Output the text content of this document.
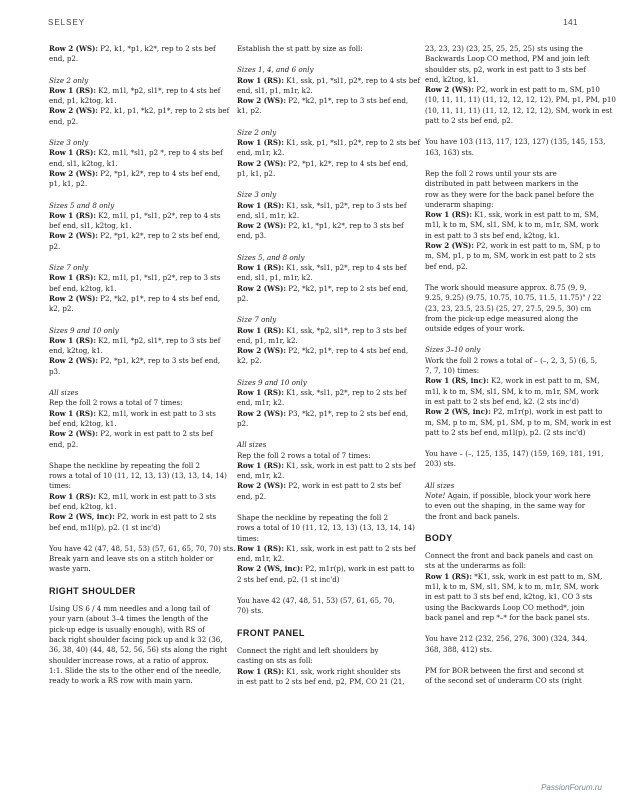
SELSEY	141
Row 2 (WS): P2, k1, *p1, k2*, rep to 2 sts bef
end, p2.
Size 2 only
Row 1 (RS): K2, m1l, *p2, sl1*, rep to 4 sts bef
end, p1, k2tog, k1.
Row 2 (WS): P2, k1, p1, *k2, p1*, rep to 2 sts bef
end, p2.
Size 3 only
Row 1 (RS): K2, m1l, *sl1, p2 *, rep to 4 sts bef
end, sl1, k2tog, k1.
Row 2 (WS): P2, *p1, k2*, rep to 4 sts bef end,
p1, k1, p2.
Sizes 5 and 8 only
Row 1 (RS): K2, m1l, p1, *sl1, p2*, rep to 4 sts
bef end, sl1, k2tog, k1.
Row 2 (WS): P2, *p1, k2*, rep to 2 sts bef end,
p2.
Size 7 only
Row 1 (RS): K2, m1l, p1, *sl1, p2*, rep to 3 sts
bef end, k2tog, k1.
Row 2 (WS): P2, *k2, p1*, rep to 4 sts bef end,
k2, p2.
Sizes 9 and 10 only
Row 1 (RS): K2, m1l, *p2, sl1*, rep to 3 sts bef
end, k2tog, k1.
Row 2 (WS): P2, *p1, k2*, rep to 3 sts bef end,
p3.
All sizes
Rep the foll 2 rows a total of 7 times:
Row 1 (RS): K2, m1l, work in est patt to 3 sts
bef end, k2tog, k1.
Row 2 (WS): P2, work in est patt to 2 sts bef
end, p2.
Shape the neckline by repeating the foll 2
rows a total of 10 (11, 12, 13, 13) (13, 13, 14, 14)
times:
Row 1 (RS): K2, m1l, work in est patt to 3 sts
bef end, k2tog, k1.
Row 2 (WS, inc): P2, work in est patt to 2 sts
bef end, m1l(p), p2. (1 st inc'd)
You have 42 (47, 48, 51, 53) (57, 61, 65, 70, 70) sts.
Break yarn and leave sts on a stitch holder or
waste yarn.
RIGHT SHOULDER
Using US 6 / 4 mm needles and a long tail of
your yarn (about 3–4 times the length of the
pick-up edge is usually enough), with RS of
back right shoulder facing pick up and k 32 (36,
36, 38, 40) (44, 48, 52, 56, 56) sts along the right
shoulder increase rows, at a ratio of approx.
1:1. Slide the sts to the other end of the needle,
ready to work a RS row with main yarn.
Establish the st patt by size as foll:
Sizes 1, 4, and 6 only
Row 1 (RS): K1, ssk, p1, *sl1, p2*, rep to 4 sts bef
end, sl1, p1, m1r, k2.
Row 2 (WS): P2, *k2, p1*, rep to 3 sts bef end,
k1, p2.
Size 2 only
Row 1 (RS): K1, ssk, p1, *sl1, p2*, rep to 2 sts bef
end, m1r, k2.
Row 2 (WS): P2, *p1, k2*, rep to 4 sts bef end,
p1, k1, p2.
Size 3 only
Row 1 (RS): K1, ssk, *sl1, p2*, rep to 3 sts bef
end, sl1, m1r, k2.
Row 2 (WS): P2, k1, *p1, k2*, rep to 3 sts bef
end, p3.
Sizes 5, and 8 only
Row 1 (RS): K1, ssk, *sl1, p2*, rep to 4 sts bef
end, sl1, p1, m1r, k2.
Row 2 (WS): P2, *k2, p1*, rep to 2 sts bef end,
p2.
Size 7 only
Row 1 (RS): K1, ssk, *p2, sl1*, rep to 3 sts bef
end, p1, m1r, k2.
Row 2 (WS): P2, *k2, p1*, rep to 4 sts bef end,
k2, p2.
Sizes 9 and 10 only
Row 1 (RS): K1, ssk, *sl1, p2*, rep to 2 sts bef
end, m1r, k2.
Row 2 (WS): P3, *k2, p1*, rep to 2 sts bef end,
p2.
All sizes
Rep the foll 2 rows a total of 7 times:
Row 1 (RS): K1, ssk, work in est patt to 2 sts bef
end, m1r, k2.
Row 2 (WS): P2, work in est patt to 2 sts bef
end, p2.
Shape the neckline by repeating the foll 2
rows a total of 10 (11, 12, 13, 13) (13, 13, 14, 14)
times:
Row 1 (RS): K1, ssk, work in est patt to 2 sts bef
end, m1r, k2.
Row 2 (WS, inc): P2, m1r(p), work in est patt to
2 sts bef end, p2. (1 st inc'd)
You have 42 (47, 48, 51, 53) (57, 61, 65, 70,
70) sts.
FRONT PANEL
Connect the right and left shoulders by
casting on sts as foll:
Row 1 (RS): K1, ssk, work right shoulder sts
in est patt to 2 sts bef end, p2, PM, CO 21 (21,
23, 23, 23) (23, 25, 25, 25, 25) sts using the
Backwards Loop CO method, PM and join left
shoulder sts, p2, work in est patt to 3 sts bef
end, k2tog, k1.
Row 2 (WS): P2, work in est patt to m, SM, p10
(10, 11, 11, 11) (11, 12, 12, 12, 12), PM, p1, PM, p10
(10, 11, 11, 11) (11, 12, 12, 12, 12), SM, work in est
patt to 2 sts bef end, p2.
You have 103 (113, 117, 123, 127) (135, 145, 153,
163, 163) sts.
Rep the foll 2 rows until your sts are
distributed in patt between markers in the
row as they were for the back panel before the
underarm shaping:
Row 1 (RS): K1, ssk, work in est patt to m, SM,
m1l, k to m, SM, sl1, SM, k to m, m1r, SM, work
in est patt to 3 sts bef end, k2tog, k1.
Row 2 (WS): P2, work in est patt to m, SM, p to
m, SM, p1, p to m, SM, work in est patt to 2 sts
bef end, p2.
The work should measure approx. 8.75 (9, 9,
9.25, 9.25) (9.75, 10.75, 10.75, 11.5, 11.75)" / 22
(23, 23, 23.5, 23.5) (25, 27, 27.5, 29.5, 30) cm
from the pick-up edge measured along the
outside edges of your work.
Sizes 3–10 only
Work the foll 2 rows a total of – (–, 2, 3, 5) (6, 5,
7, 7, 10) times:
Row 1 (RS, inc): K2, work in est patt to m, SM,
m1l, k to m, SM, sl1, SM, k to m, m1r, SM, work
in est patt to 2 sts bef end, k2. (2 sts inc'd)
Row 2 (WS, inc): P2, m1r(p), work in est patt to
m, SM, p to m, SM, p1, SM, p to m, SM, work in est
patt to 2 sts bef end, m1l(p), p2. (2 sts inc'd)
You have – (–, 125, 135, 147) (159, 169, 181, 191,
203) sts.
All sizes
Note! Again, if possible, block your work here
to even out the shaping, in the same way for
the front and back panels.
BODY
Connect the front and back panels and cast on
sts at the underarms as foll:
Row 1 (RS): *K1, ssk, work in est patt to m, SM,
m1l, k to m, SM, sl1, SM, k to m, m1r, SM, work
in est patt to 3 sts bef end, k2tog, k1, CO 3 sts
using the Backwards Loop CO method*, join
back panel and rep *–* for the back panel sts.
You have 212 (232, 256, 276, 300) (324, 344,
368, 388, 412) sts.
PM for BOR between the first and second st
of the second set of underarm CO sts (right
PassionForum.ru
